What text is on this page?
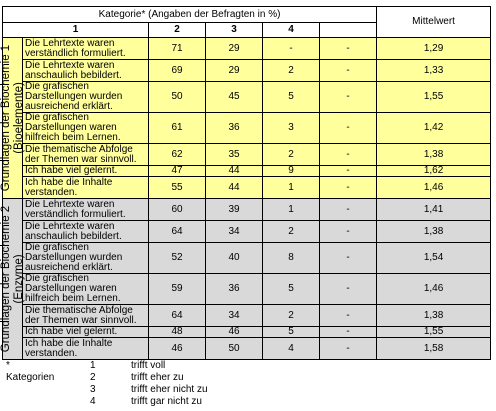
Kategorie* (Angaben der Befragten in %)						Mittelwert
1		2	3	4		

Grundlagen der Biochemie 1 (Bioelemente)	Die Lehrtexte waren verständlich formuliert.	71	29	-	-	1,29
	Die Lehrtexte waren anschaulich bebildert.	69	29	2	-	1,33
	Die grafischen Darstellungen wurden ausreichend erklärt.	50	45	5	-	1,55
	Die grafischen Darstellungen waren hilfreich beim Lernen.	61	36	3	-	1,42
	Die thematische Abfolge der Themen war sinnvoll.	62	35	2	-	1,38
	Ich habe viel gelernt.	47	44	9	-	1,62
	Ich habe die Inhalte verstanden.	55	44	1	-	1,46

Grundlagen der Biochemie 2 (Enzyme)	Die Lehrtexte waren verständlich formuliert.	60	39	1	-	1,41
	Die Lehrtexte waren anschaulich bebildert.	64	34	2	-	1,38
	Die grafischen Darstellungen wurden ausreichend erklärt.	52	40	8	-	1,54
	Die grafischen Darstellungen waren hilfreich beim Lernen.	59	36	5	-	1,46
	Die thematische Abfolge der Themen war sinnvoll.	64	34	2	-	1,38
	Ich habe viel gelernt.	48	46	5	-	1,55
	Ich habe die Inhalte verstanden.	46	50	4	-	1,58
* Kategorien
1	trifft voll
2	trifft eher zu
3	trifft eher nicht zu
4	trifft gar nicht zu
